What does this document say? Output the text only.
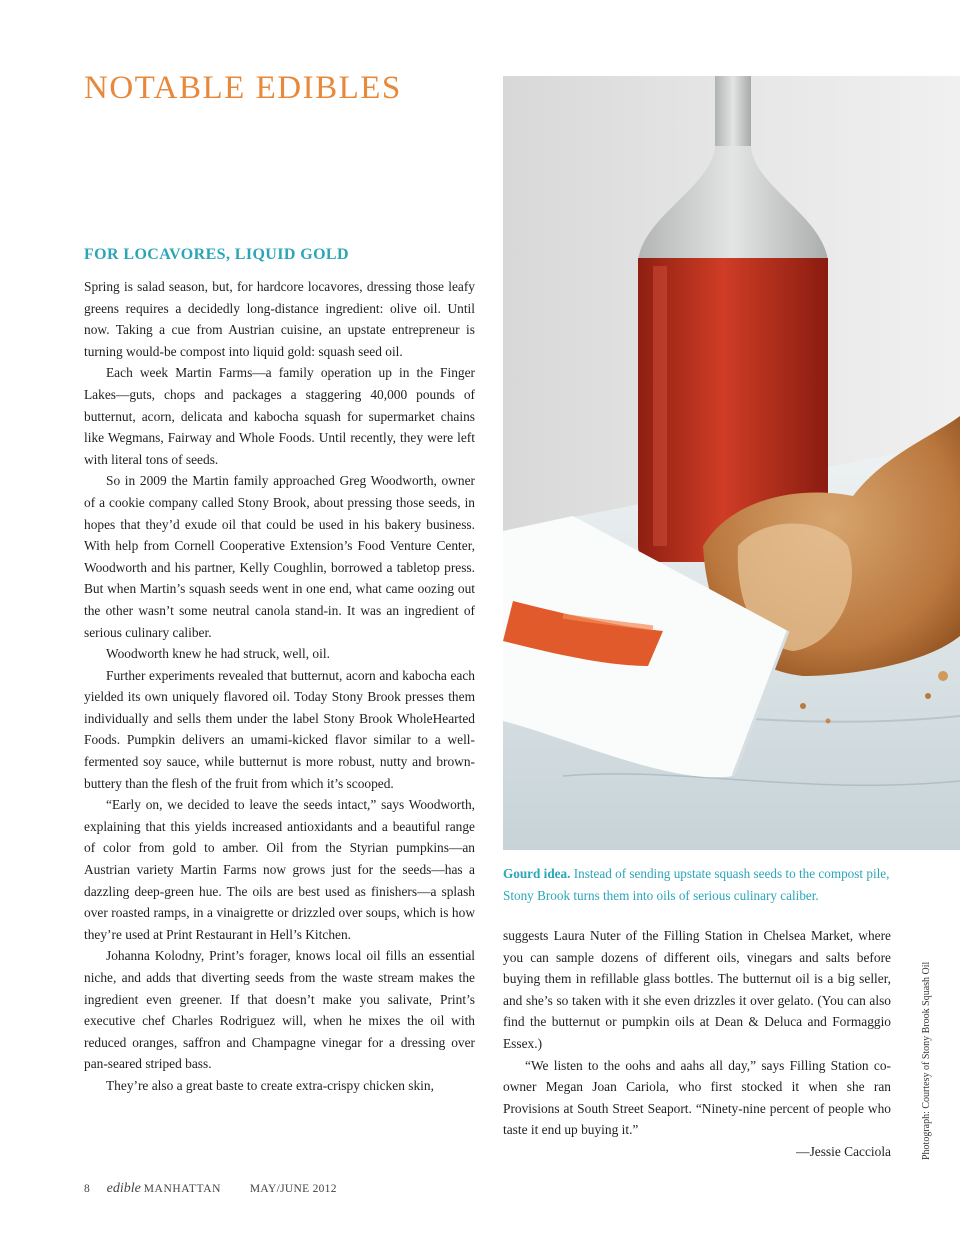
NOTABLE EDIBLES
FOR LOCAVORES, LIQUID GOLD

Spring is salad season, but, for hardcore locavores, dressing those leafy greens requires a decidedly long-distance ingredient: olive oil. Until now. Taking a cue from Austrian cuisine, an upstate entrepreneur is turning would-be compost into liquid gold: squash seed oil.

Each week Martin Farms—a family operation up in the Finger Lakes—guts, chops and packages a staggering 40,000 pounds of butternut, acorn, delicata and kabocha squash for supermarket chains like Wegmans, Fairway and Whole Foods. Until recently, they were left with literal tons of seeds.

So in 2009 the Martin family approached Greg Woodworth, owner of a cookie company called Stony Brook, about pressing those seeds, in hopes that they’d exude oil that could be used in his bakery business. With help from Cornell Cooperative Extension’s Food Venture Center, Woodworth and his partner, Kelly Coughlin, borrowed a tabletop press. But when Martin’s squash seeds went in one end, what came oozing out the other wasn’t some neutral canola stand-in. It was an ingredient of serious culinary caliber.

Woodworth knew he had struck, well, oil.

Further experiments revealed that butternut, acorn and kabocha each yielded its own uniquely flavored oil. Today Stony Brook presses them individually and sells them under the label Stony Brook WholeHearted Foods. Pumpkin delivers an umami-kicked flavor similar to a well-fermented soy sauce, while butternut is more robust, nutty and brown-buttery than the flesh of the fruit from which it’s scooped.

“Early on, we decided to leave the seeds intact,” says Woodworth, explaining that this yields increased antioxidants and a beautiful range of color from gold to amber. Oil from the Styrian pumpkins—an Austrian variety Martin Farms now grows just for the seeds—has a dazzling deep-green hue. The oils are best used as finishers—a splash over roasted ramps, in a vinaigrette or drizzled over soups, which is how they’re used at Print Restaurant in Hell’s Kitchen.

Johanna Kolodny, Print’s forager, knows local oil fills an essential niche, and adds that diverting seeds from the waste stream makes the ingredient even greener. If that doesn’t make you salivate, Print’s executive chef Charles Rodriguez will, when he mixes the oil with reduced oranges, saffron and Champagne vinegar for a dressing over pan-seared striped bass.

They’re also a great baste to create extra-crispy chicken skin,

Gourd idea. Instead of sending upstate squash seeds to the compost pile, Stony Brook turns them into oils of serious culinary caliber.

suggests Laura Nuter of the Filling Station in Chelsea Market, where you can sample dozens of different oils, vinegars and salts before buying them in refillable glass bottles. The butternut oil is a big seller, and she’s so taken with it she even drizzles it over gelato. (You can also find the butternut or pumpkin oils at Dean & Deluca and Formaggio Essex.)

“We listen to the oohs and aahs all day,” says Filling Station co-owner Megan Joan Cariola, who first stocked it when she ran Provisions at South Street Seaport. “Ninety-nine percent of people who taste it end up buying it.”

—Jessie Cacciola	Photograph: Courtesy of Stony Brook Squash Oil
8 edible MANHATTAN	MAY/JUNE 2012
